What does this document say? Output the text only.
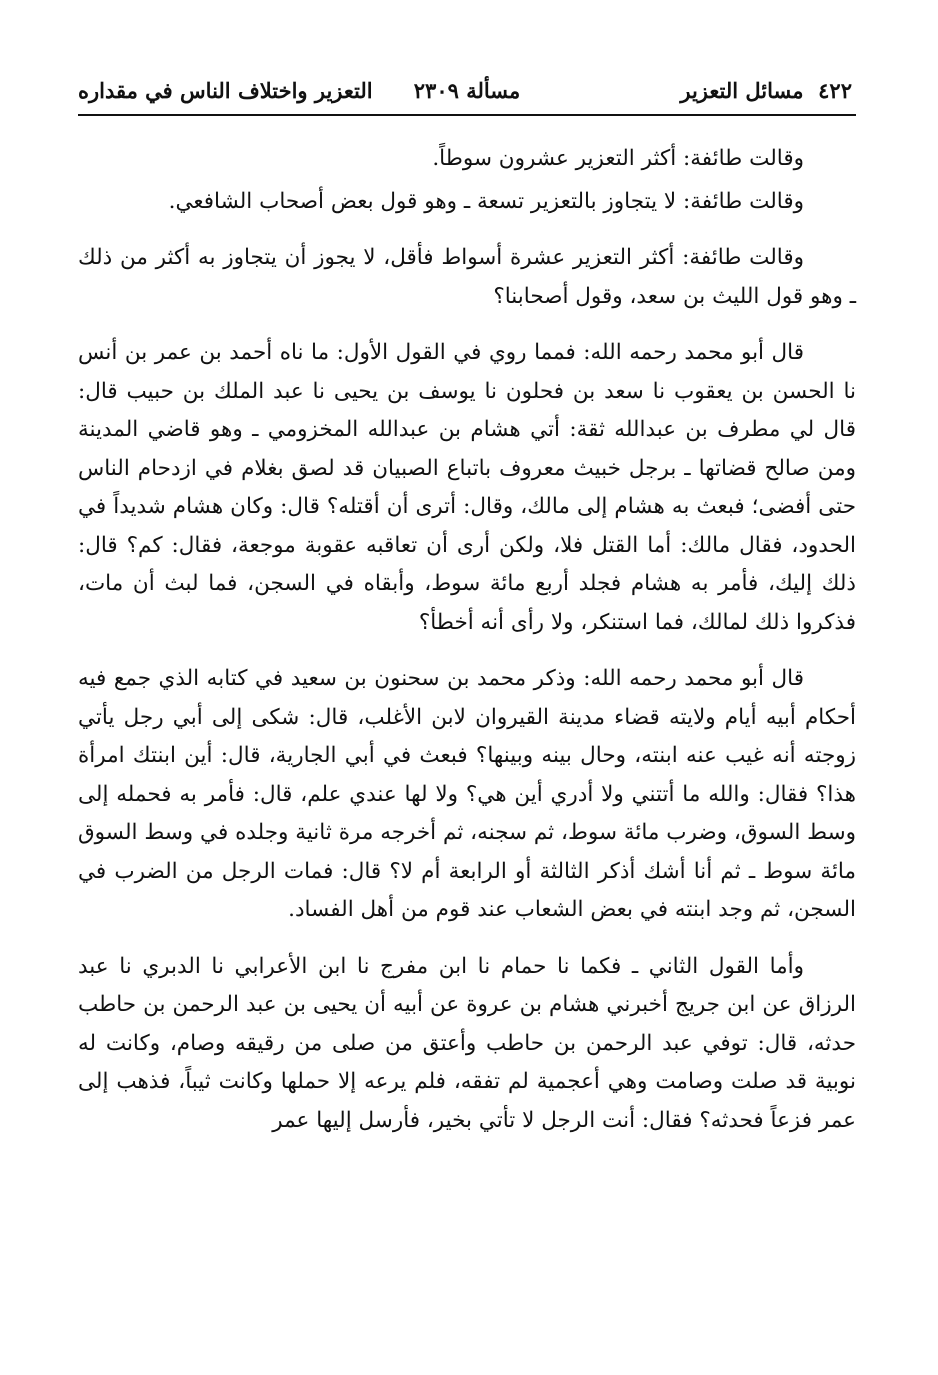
٤٢٢  مسائل التعزير
مسألة ٢٣٠٩
التعزير واختلاف الناس في مقداره

وقالت طائفة: أكثر التعزير عشرون سوطاً.

وقالت طائفة: لا يتجاوز بالتعزير تسعة ـ وهو قول بعض أصحاب الشافعي.

وقالت طائفة: أكثر التعزير عشرة أسواط فأقل، لا يجوز أن يتجاوز به أكثر من ذلك ـ وهو قول الليث بن سعد، وقول أصحابنا؟

قال أبو محمد رحمه الله: فمما روي في القول الأول: ما ناه أحمد بن عمر بن أنس نا الحسن بن يعقوب نا سعد بن فحلون نا يوسف بن يحيى نا عبد الملك بن حبيب قال: قال لي مطرف بن عبدالله ثقة: أتي هشام بن عبدالله المخزومي ـ وهو قاضي المدينة ومن صالح قضاتها ـ برجل خبيث معروف باتباع الصبيان قد لصق بغلام في ازدحام الناس حتى أفضى؛ فبعث به هشام إلى مالك، وقال: أترى أن أقتله؟ قال: وكان هشام شديداً في الحدود، فقال مالك: أما القتل فلا، ولكن أرى أن تعاقبه عقوبة موجعة، فقال: كم؟ قال: ذلك إليك، فأمر به هشام فجلد أربع مائة سوط، وأبقاه في السجن، فما لبث أن مات، فذكروا ذلك لمالك، فما استنكر، ولا رأى أنه أخطأ؟

قال أبو محمد رحمه الله: وذكر محمد بن سحنون بن سعيد في كتابه الذي جمع فيه أحكام أبيه أيام ولايته قضاء مدينة القيروان لابن الأغلب، قال: شكى إلى أبي رجل يأتي زوجته أنه غيب عنه ابنته، وحال بينه وبينها؟ فبعث في أبي الجارية، قال: أين ابنتك امرأة هذا؟ فقال: والله ما أتتني ولا أدري أين هي؟ ولا لها عندي علم، قال: فأمر به فحمله إلى وسط السوق، وضرب مائة سوط، ثم سجنه، ثم أخرجه مرة ثانية وجلده في وسط السوق مائة سوط ـ ثم أنا أشك أذكر الثالثة أو الرابعة أم لا؟ قال: فمات الرجل من الضرب في السجن، ثم وجد ابنته في بعض الشعاب عند قوم من أهل الفساد.

وأما القول الثاني ـ فكما نا حمام نا ابن مفرج نا ابن الأعرابي نا الدبري نا عبد الرزاق عن ابن جريج أخبرني هشام بن عروة عن أبيه أن يحيى بن عبد الرحمن بن حاطب حدثه، قال: توفي عبد الرحمن بن حاطب وأعتق من صلى من رقيقه وصام، وكانت له نوبية قد صلت وصامت وهي أعجمية لم تفقه، فلم يرعه إلا حملها وكانت ثيباً، فذهب إلى عمر فزعاً فحدثه؟ فقال: أنت الرجل لا تأتي بخير، فأرسل إليها عمر
